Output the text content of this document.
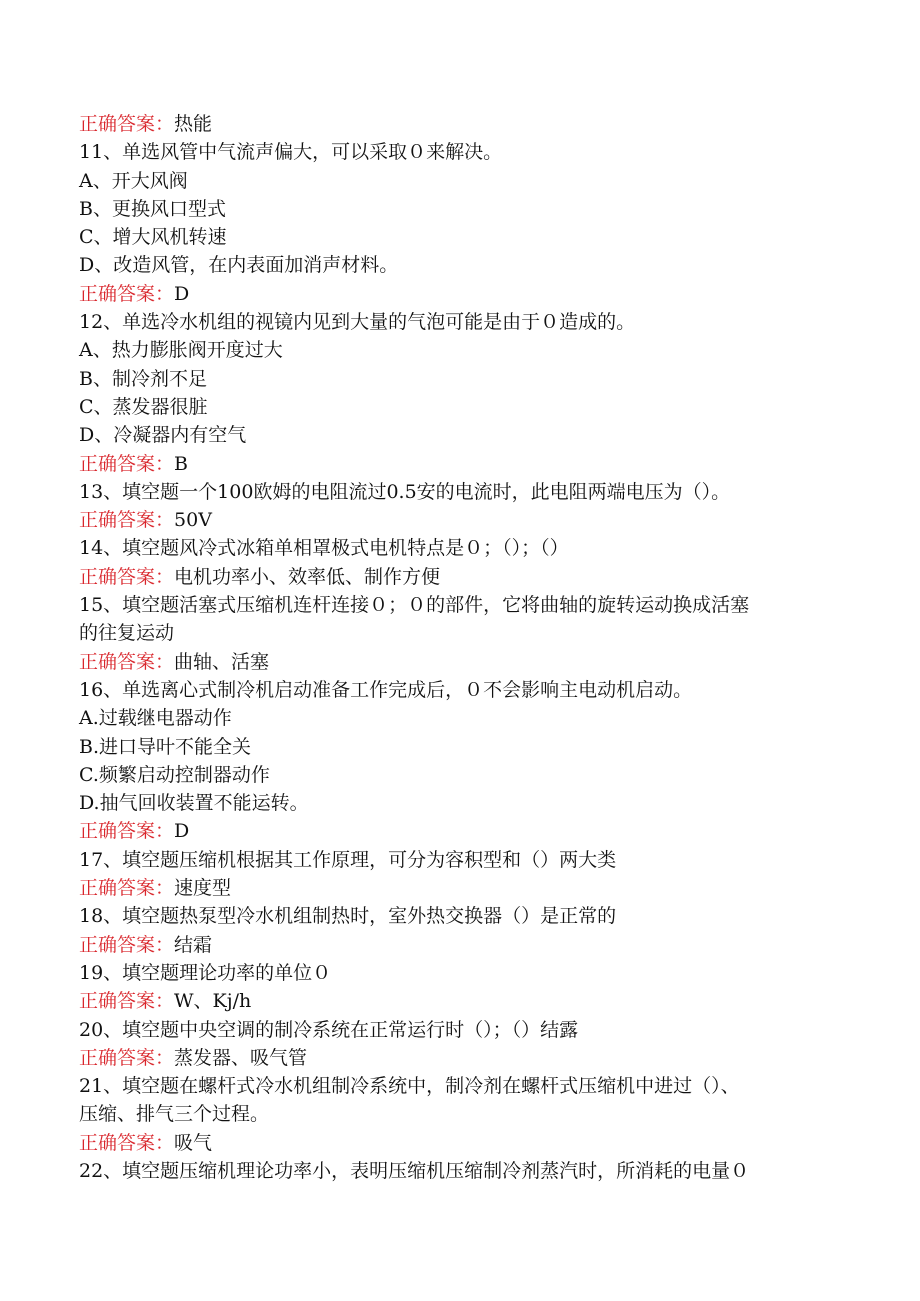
正确答案：热能
11、单选风管中气流声偏大，可以采取０来解决。
A、开大风阀
B、更换风口型式
C、增大风机转速
D、改造风管，在内表面加消声材料。
正确答案：D
12、单选冷水机组的视镜内见到大量的气泡可能是由于０造成的。
A、热力膨胀阀开度过大
B、制冷剂不足
C、蒸发器很脏
D、冷凝器内有空气
正确答案：B
13、填空题一个100欧姆的电阻流过0.5安的电流时，此电阻两端电压为（）。
正确答案：50V
14、填空题风冷式冰箱单相罩极式电机特点是０；（）；（）
正确答案：电机功率小、效率低、制作方便
15、填空题活塞式压缩机连杆连接０；０的部件，它将曲轴的旋转运动换成活塞
的往复运动
正确答案：曲轴、活塞
16、单选离心式制冷机启动准备工作完成后，０不会影响主电动机启动。
A.过载继电器动作
B.进口导叶不能全关
C.频繁启动控制器动作
D.抽气回收装置不能运转。
正确答案：D
17、填空题压缩机根据其工作原理，可分为容积型和（）两大类
正确答案：速度型
18、填空题热泵型冷水机组制热时，室外热交换器（）是正常的
正确答案：结霜
19、填空题理论功率的单位０
正确答案：W、Kj/h
20、填空题中央空调的制冷系统在正常运行时（）；（）结露
正确答案：蒸发器、吸气管
21、填空题在螺杆式冷水机组制冷系统中，制冷剂在螺杆式压缩机中进过（）、
压缩、排气三个过程。
正确答案：吸气
22、填空题压缩机理论功率小，表明压缩机压缩制冷剂蒸汽时，所消耗的电量０
